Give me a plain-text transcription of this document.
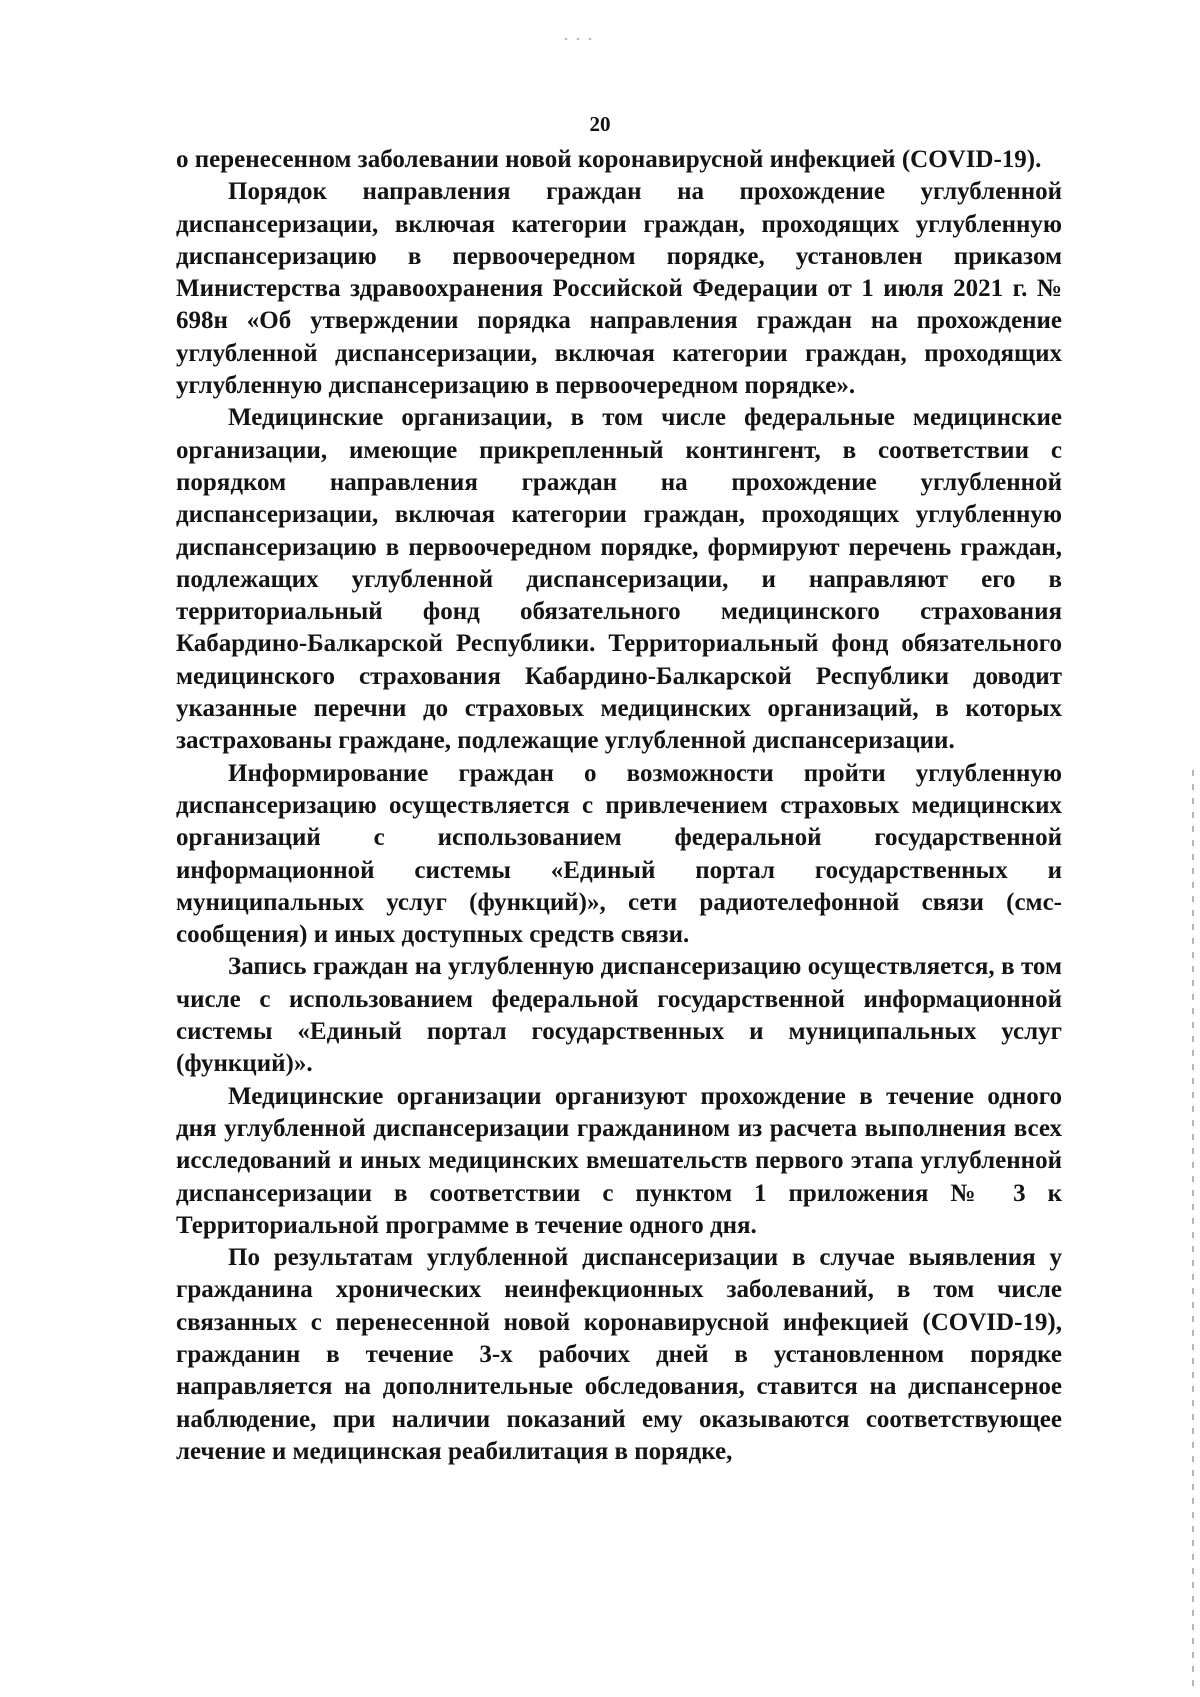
20

о перенесенном заболевании новой коронавирусной инфекцией (COVID-19).

Порядок направления граждан на прохождение углубленной диспансеризации, включая категории граждан, проходящих углубленную диспансеризацию в первоочередном порядке, установлен приказом Министерства здравоохранения Российской Федерации от 1 июля 2021 г. № 698н «Об утверждении порядка направления граждан на прохождение углубленной диспансеризации, включая категории граждан, проходящих углубленную диспансеризацию в первоочередном порядке».

Медицинские организации, в том числе федеральные медицинские организации, имеющие прикрепленный контингент, в соответствии с порядком направления граждан на прохождение углубленной диспансеризации, включая категории граждан, проходящих углубленную диспансеризацию в первоочередном порядке, формируют перечень граждан, подлежащих углубленной диспансеризации, и направляют его в территориальный фонд обязательного медицинского страхования Кабардино-Балкарской Республики. Территориальный фонд обязательного медицинского страхования Кабардино-Балкарской Республики доводит указанные перечни до страховых медицинских организаций, в которых застрахованы граждане, подлежащие углубленной диспансеризации.

Информирование граждан о возможности пройти углубленную диспансеризацию осуществляется с привлечением страховых медицинских организаций с использованием федеральной государственной информационной системы «Единый портал государственных и муниципальных услуг (функций)», сети радиотелефонной связи (смс-сообщения) и иных доступных средств связи.

Запись граждан на углубленную диспансеризацию осуществляется, в том числе с использованием федеральной государственной информационной системы «Единый портал государственных и муниципальных услуг (функций)».

Медицинские организации организуют прохождение в течение одного дня углубленной диспансеризации гражданином из расчета выполнения всех исследований и иных медицинских вмешательств первого этапа углубленной диспансеризации в соответствии с пунктом 1 приложения № 3 к Территориальной программе в течение одного дня.

По результатам углубленной диспансеризации в случае выявления у гражданина хронических неинфекционных заболеваний, в том числе связанных с перенесенной новой коронавирусной инфекцией (COVID-19), гражданин в течение 3-х рабочих дней в установленном порядке направляется на дополнительные обследования, ставится на диспансерное наблюдение, при наличии показаний ему оказываются соответствующее лечение и медицинская реабилитация в порядке,
